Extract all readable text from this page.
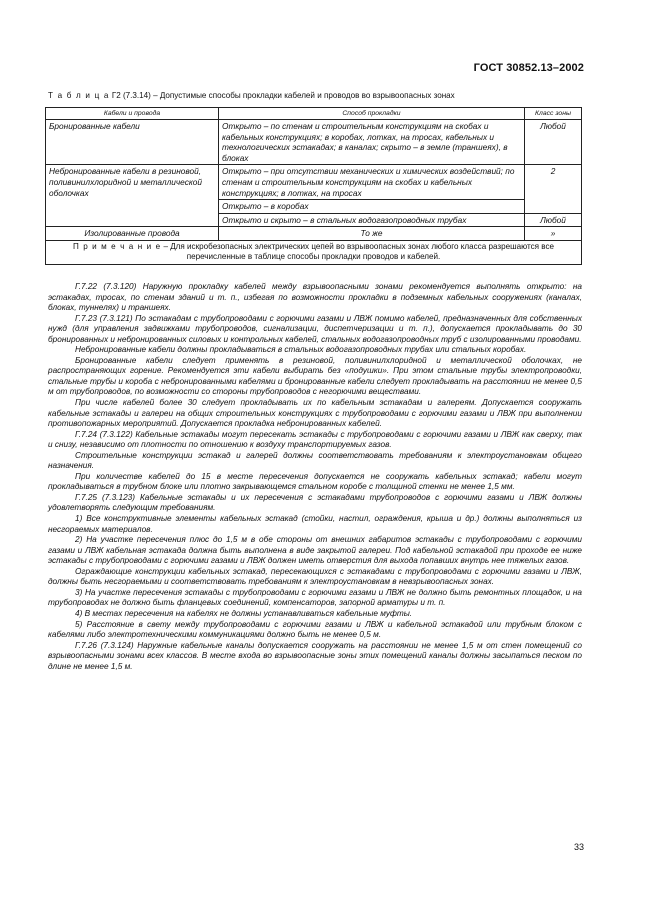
ГОСТ 30852.13–2002
Т а б л и ц а Г2 (7.3.14) – Допустимые способы прокладки кабелей и проводов во взрывоопасных зонах
Кабели и провода	Способ прокладки	Класс зоны
Бронированные кабели	Открыто – по стенам и строительным конструкциям на скобах и кабельных конструкциях; в коробах, лотках, на тросах, кабельных и технологических эстакадах; в каналах; скрыто – в земле (траншеях), в блоках	Любой
Небронированные кабели в резиновой, поливинилхлоридной и металлической оболочках	Открыто – при отсутствии механических и химических воздействий; по стенам и строительным конструкциям на скобах и кабельных конструкциях; в лотках, на тросах	2
	Открыто – в коробах	
	Открыто и скрыто – в стальных водогазопроводных трубах	Любой
Изолированные провода	То же	»
П р и м е ч а н и е – Для искробезопасных электрических цепей во взрывоопасных зонах любого класса разрешаются все перечисленные в таблице способы прокладки проводов и кабелей.		

Г.7.22 (7.3.120) Наружную прокладку кабелей между взрывоопасными зонами рекомендуется выполнять открыто: на эстакадах, тросах, по стенам зданий и т. п., избегая по возможности прокладки в подземных кабельных сооружениях (каналах, блоках, туннелях) и траншеях.

Г.7.23 (7.3.121) По эстакадам с трубопроводами с горючими газами и ЛВЖ помимо кабелей, предназначенных для собственных нужд (для управления задвижками трубопроводов, сигнализации, диспетчеризации и т. п.), допускается прокладывать до 30 бронированных и небронированных силовых и контрольных кабелей, стальных водогазопроводных труб с изолированными проводами.

Небронированные кабели должны прокладываться в стальных водогазопроводных трубах или стальных коробах.

Бронированные кабели следует применять в резиновой, поливинилхлоридной и металлической оболочках, не распространяющих горение. Рекомендуется эти кабели выбирать без «подушки». При этом стальные трубы электропроводки, стальные трубы и короба с небронированными кабелями и бронированные кабели следует прокладывать на расстоянии не менее 0,5 м от трубопроводов, по возможности со стороны трубопроводов с негорючими веществами.

При числе кабелей более 30 следует прокладывать их по кабельным эстакадам и галереям. Допускается сооружать кабельные эстакады и галереи на общих строительных конструкциях с трубопроводами с горючими газами и ЛВЖ при выполнении противопожарных мероприятий. Допускается прокладка небронированных кабелей.

Г.7.24 (7.3.122) Кабельные эстакады могут пересекать эстакады с трубопроводами с горючими газами и ЛВЖ как сверху, так и снизу, независимо от плотности по отношению к воздуху транспортируемых газов.

Строительные конструкции эстакад и галерей должны соответствовать требованиям к электроустановкам общего назначения.

При количестве кабелей до 15 в месте пересечения допускается не сооружать кабельных эстакад; кабели могут прокладываться в трубном блоке или плотно закрывающемся стальном коробе с толщиной стенки не менее 1,5 мм.

Г.7.25 (7.3.123) Кабельные эстакады и их пересечения с эстакадами трубопроводов с горючими газами и ЛВЖ должны удовлетворять следующим требованиям.

1) Все конструктивные элементы кабельных эстакад (стойки, настил, ограждения, крыша и др.) должны выполняться из несгораемых материалов.

2) На участке пересечения плюс до 1,5 м в обе стороны от внешних габаритов эстакады с трубопроводами с горючими газами и ЛВЖ кабельная эстакада должна быть выполнена в виде закрытой галереи. Под кабельной эстакадой при проходе ее ниже эстакады с трубопроводами с горючими газами и ЛВЖ должен иметь отверстия для выхода попавших внутрь нее тяжелых газов.

Ограждающие конструкции кабельных эстакад, пересекающихся с эстакадами с трубопроводами с горючими газами и ЛВЖ, должны быть несгораемыми и соответствовать требованиям к электроустановкам в невзрывоопасных зонах.

3) На участке пересечения эстакады с трубопроводами с горючими газами и ЛВЖ не должно быть ремонтных площадок, и на трубопроводах не должно быть фланцевых соединений, компенсаторов, запорной арматуры и т. п.

4) В местах пересечения на кабелях не должны устанавливаться кабельные муфты.

5) Расстояние в свету между трубопроводами с горючими газами и ЛВЖ и кабельной эстакадой или трубным блоком с кабелями либо электротехническими коммуникациями должно быть не менее 0,5 м.

Г.7.26 (7.3.124) Наружные кабельные каналы допускается сооружать на расстоянии не менее 1,5 м от стен помещений со взрывоопасными зонами всех классов. В месте входа во взрывоопасные зоны этих помещений каналы должны засыпаться песком по длине не менее 1,5 м.

33
